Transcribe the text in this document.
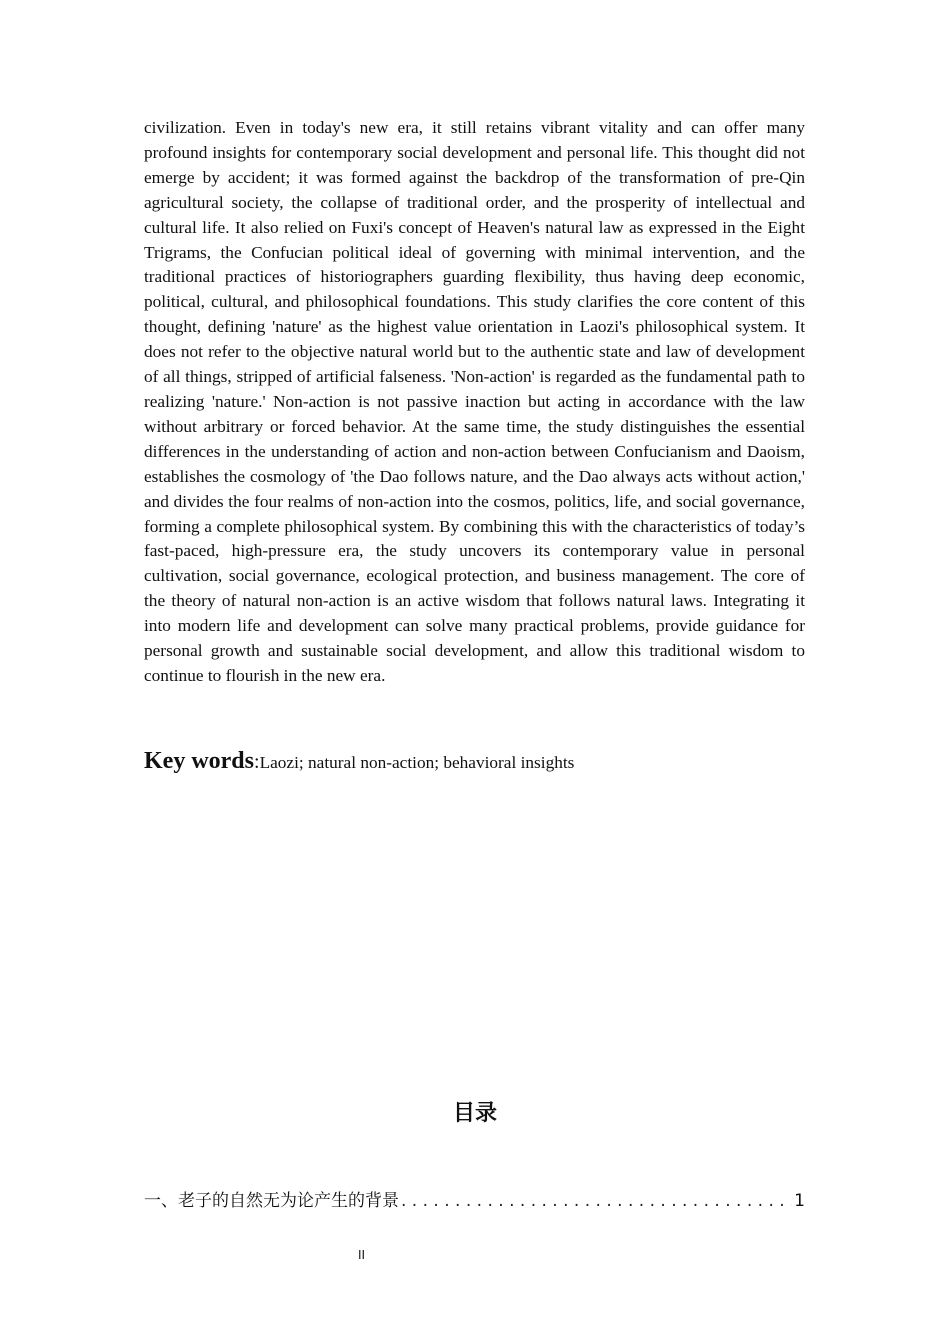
civilization. Even in today's new era, it still retains vibrant vitality and can offer many profound insights for contemporary social development and personal life. This thought did not emerge by accident; it was formed against the backdrop of the transformation of pre-Qin agricultural society, the collapse of traditional order, and the prosperity of intellectual and cultural life. It also relied on Fuxi's concept of Heaven's natural law as expressed in the Eight Trigrams, the Confucian political ideal of governing with minimal intervention, and the traditional practices of historiographers guarding flexibility, thus having deep economic, political, cultural, and philosophical foundations. This study clarifies the core content of this thought, defining 'nature' as the highest value orientation in Laozi's philosophical system. It does not refer to the objective natural world but to the authentic state and law of development of all things, stripped of artificial falseness. 'Non-action' is regarded as the fundamental path to realizing 'nature.' Non-action is not passive inaction but acting in accordance with the law without arbitrary or forced behavior. At the same time, the study distinguishes the essential differences in the understanding of action and non-action between Confucianism and Daoism, establishes the cosmology of 'the Dao follows nature, and the Dao always acts without action,' and divides the four realms of non-action into the cosmos, politics, life, and social governance, forming a complete philosophical system. By combining this with the characteristics of today’s fast-paced, high-pressure era, the study uncovers its contemporary value in personal cultivation, social governance, ecological protection, and business management. The core of the theory of natural non-action is an active wisdom that follows natural laws. Integrating it into modern life and development can solve many practical problems, provide guidance for personal growth and sustainable social development, and allow this traditional wisdom to continue to flourish in the new era.

Key words:Laozi; natural non-action; behavioral insights

目录
一、老子的自然无为论产生的背景
. . .	1
II
